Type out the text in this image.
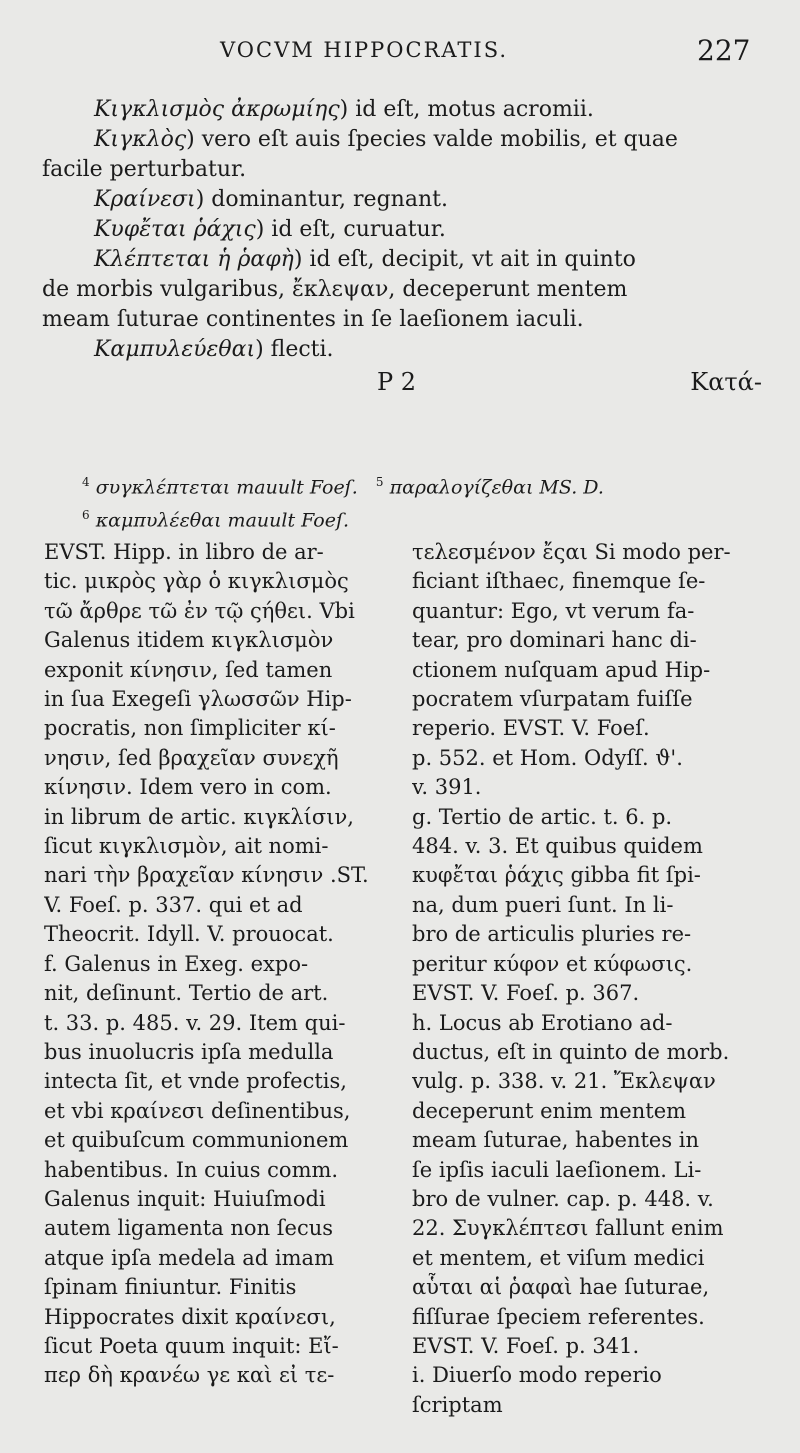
VOCVM HIPPOCRATIS.	227

Κιγκλισμὸς ἀκρωμίης) id eſt, motus acromii.

Κιγκλὸς) vero eſt auis ſpecies valde mobilis, et quae

facile perturbatur.

Κραίνεσι) dominantur, regnant.

Κυφἔται ῥάχις) id eſt, curuatur.

Κλέπτεται ἡ ῥαφὴ) id eſt, decipit, vt ait in quinto

de morbis vulgaribus, ἔκλεψαν, deceperunt mentem

meam ſuturae continentes in ſe laeſionem iaculi.

Καμπυλεύεθαι) flecti.

P 2	Κατά-
$^4$ συγκλέπτεται mauult Foeſ. $^5$ παραλογίζεθαι MS. D.
$^6$ καμπυλέεθαι mauult Foeſ.
EVST. Hipp. in libro de ar-
tic. μικρὸς γὰρ ὁ κιγκλισμὸς
τῶ ἄρθρε τῶ ἐν τῷ ςήθει. Vbi
Galenus itidem κιγκλισμὸν
exponit κίνησιν, ſed tamen
in ſua Exegeſi γλωσσῶν Hip-
pocratis, non ſimpliciter κί-
νησιν, ſed βραχεῖαν συνεχῆ
κίνησιν. Idem vero in com.
in librum de artic. κιγκλίσιν,
ſicut κιγκλισμὸν, ait nomi-
nari τὴν βραχεῖαν κίνησιν .ST.
V. Foeſ. p. 337. qui et ad
Theocrit. Idyll. V. prouocat.
f. Galenus in Exeg. expo-
nit, deſinunt. Tertio de art.
t. 33. p. 485. v. 29. Item qui-
bus inuolucris ipſa medulla
intecta ſit, et vnde profectis,
et vbi κραίνεσι deſinentibus,
et quibuſcum communionem
habentibus. In cuius comm.
Galenus inquit: Huiuſmodi
autem ligamenta non ſecus
atque ipſa medela ad imam
ſpinam finiuntur. Finitis
Hippocrates dixit κραίνεσι,
ſicut Poeta quum inquit: Εἴ-
περ δὴ κρανέω γε καὶ εἰ τε-
τελεσμένον ἔςαι Si modo per-
ficiant iſthaec, finemque ſe-
quantur: Ego, vt verum fa-
tear, pro dominari hanc di-
ctionem nuſquam apud Hip-
pocratem vſurpatam fuiſſe
reperio. EVST. V. Foeſ.
p. 552. et Hom. Odyſſ. ϑ'.
v. 391.
g. Tertio de artic. t. 6. p.
484. v. 3. Et quibus quidem
κυφἔται ῥάχις gibba fit ſpi-
na, dum pueri ſunt. In li-
bro de articulis pluries re-
peritur κύφον et κύφωσις.
EVST. V. Foeſ. p. 367.
h. Locus ab Erotiano ad-
ductus, eſt in quinto de morb.
vulg. p. 338. v. 21. Ἔκλεψαν
deceperunt enim mentem
meam ſuturae, habentes in
ſe ipſis iaculi laeſionem. Li-
bro de vulner. cap. p. 448. v.
22. Συγκλέπτεσι fallunt enim
et mentem, et viſum medici
αὗται αἱ ῥαφαὶ hae ſuturae,
fiſſurae ſpeciem referentes.
EVST. V. Foeſ. p. 341.
i. Diuerſo modo reperio
ſcriptam
